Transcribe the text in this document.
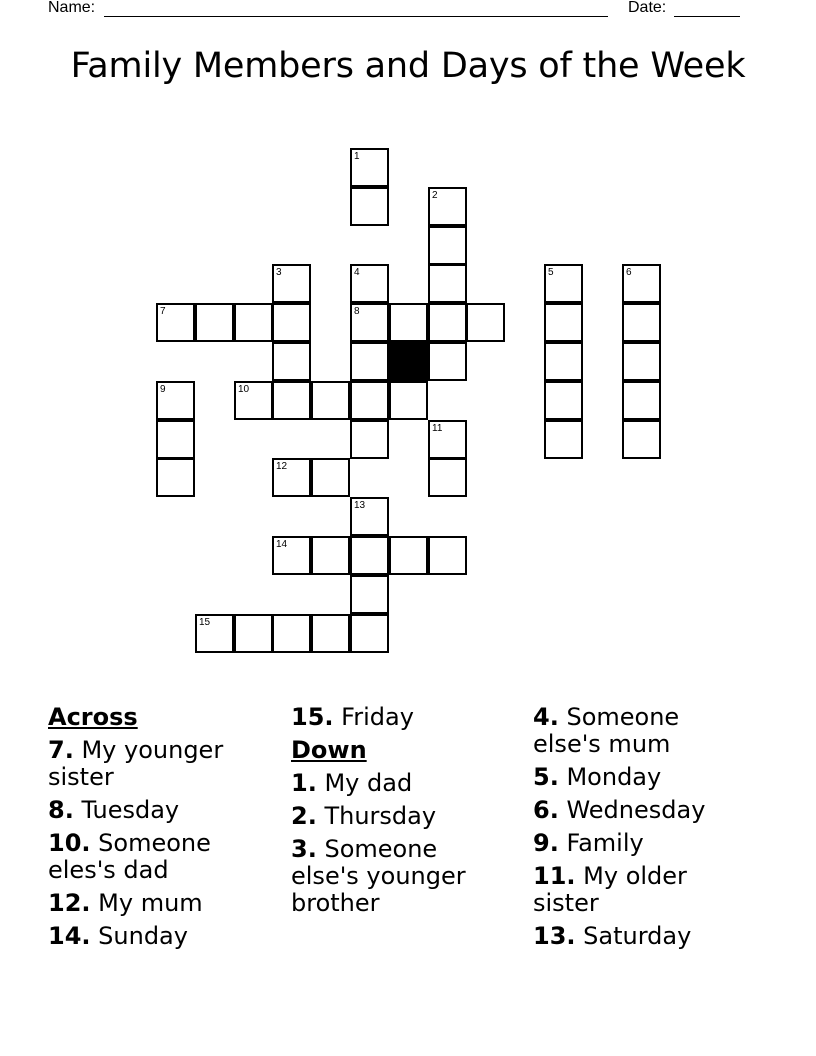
Name:	Date:
Family Members and Days of the Week
1
2
3	4	5	6
7	8
9	10
11
12
13
14
15
Across
7. My younger sister
8. Tuesday
10. Someone eles's dad
12. My mum
14. Sunday
15. Friday
Down
1. My dad
2. Thursday
3. Someone else's younger brother
4. Someone else's mum
5. Monday
6. Wednesday
9. Family
11. My older sister
13. Saturday
